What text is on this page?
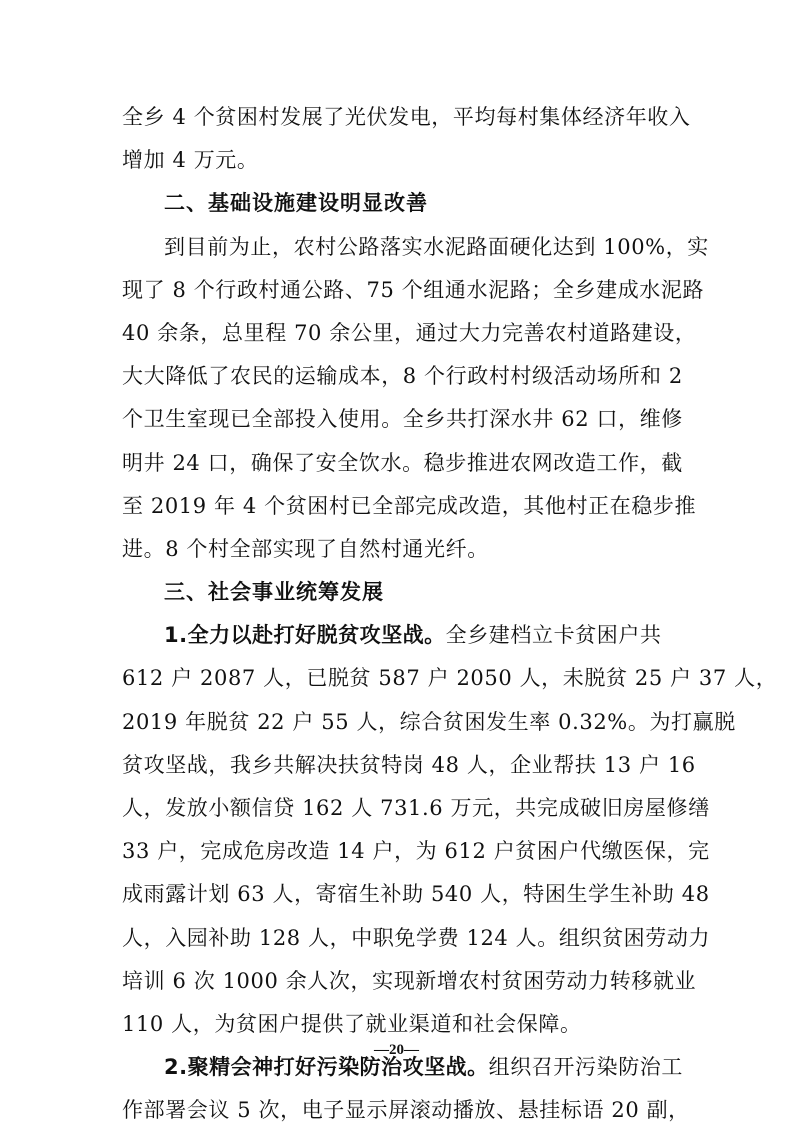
全乡 4 个贫困村发展了光伏发电，平均每村集体经济年收入
增加 4 万元。
二、基础设施建设明显改善
到目前为止，农村公路落实水泥路面硬化达到 100%，实
现了 8 个行政村通公路、75 个组通水泥路；全乡建成水泥路
40 余条，总里程 70 余公里，通过大力完善农村道路建设，
大大降低了农民的运输成本，8 个行政村村级活动场所和 2
个卫生室现已全部投入使用。全乡共打深水井 62 口，维修
明井 24 口，确保了安全饮水。稳步推进农网改造工作，截
至 2019 年 4 个贫困村已全部完成改造，其他村正在稳步推
进。8 个村全部实现了自然村通光纤。
三、社会事业统筹发展
1.全力以赴打好脱贫攻坚战。全乡建档立卡贫困户共
612 户 2087 人，已脱贫 587 户 2050 人，未脱贫 25 户 37 人，
2019 年脱贫 22 户 55 人，综合贫困发生率 0.32%。为打赢脱
贫攻坚战，我乡共解决扶贫特岗 48 人，企业帮扶 13 户 16
人，发放小额信贷 162 人 731.6 万元，共完成破旧房屋修缮
33 户，完成危房改造 14 户，为 612 户贫困户代缴医保，完
成雨露计划 63 人，寄宿生补助 540 人，特困生学生补助 48
人，入园补助 128 人，中职免学费 124 人。组织贫困劳动力
培训 6 次 1000 余人次，实现新增农村贫困劳动力转移就业
110 人，为贫困户提供了就业渠道和社会保障。
2.聚精会神打好污染防治攻坚战。组织召开污染防治工
作部署会议 5 次，电子显示屏滚动播放、悬挂标语 20 副，
—20—
